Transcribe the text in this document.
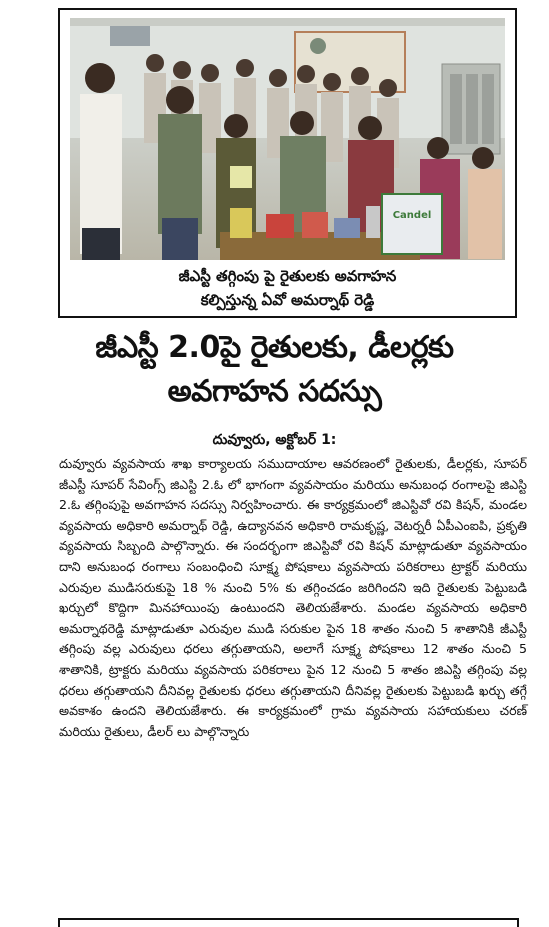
Candel
జీఎస్టీ తగ్గింపు పై రైతులకు అవగాహన
కల్పిస్తున్న ఏవో అమర్నాథ్ రెడ్డి
జీఎస్టీ 2.0పై రైతులకు, డీలర్లకు
అవగాహన సదస్సు
దువ్వూరు, అక్టోబర్ 1:

దువ్వూరు వ్యవసాయ శాఖ కార్యాలయ సముదాయాల ఆవరణంలో రైతులకు, డీలర్లకు, సూపర్ జీఎస్టీ సూపర్ సేవింగ్స్ జిఎస్టి 2.ఓ లో భాగంగా వ్యవసాయం మరియు అనుబంధ రంగాలపై జిఎస్టి 2.ఓ తగ్గింపుపై అవగాహన సదస్సు నిర్వహించారు. ఈ కార్యక్రమంలో జిఎస్టివో రవి కిషన్, మండల వ్యవసాయ అధికారి అమర్నాథ్ రెడ్డి, ఉద్యానవన అధికారి రామకృష్ణ, వెటర్నరీ ఏపీఎంఐపి, ప్రకృతి వ్యవసాయ సిబ్బంది పాల్గొన్నారు. ఈ సందర్భంగా జిఎస్టివో రవి కిషన్ మాట్లాడుతూ వ్యవసాయం దాని అనుబంధ రంగాలు సంబంధించి సూక్ష్మ పోషకాలు వ్యవసాయ పరికరాలు ట్రాక్టర్ మరియు ఎరువుల ముడిసరుకుపై 18 % నుంచి 5% కు తగ్గించడం జరిగిందని ఇది రైతులకు పెట్టుబడి ఖర్చులో కొద్దిగా మినహాయింపు ఉంటుందని తెలియజేశారు. మండల వ్యవసాయ అధికారి అమర్నాథరెడ్డి మాట్లాడుతూ ఎరువుల ముడి సరుకుల పైన 18 శాతం నుంచి 5 శాతానికి జీఎస్టీ తగ్గింపు వల్ల ఎరువులు ధరలు తగ్గుతాయని, అలాగే సూక్ష్మ పోషకాలు 12 శాతం నుంచి 5 శాతానికి, ట్రాక్టరు మరియు వ్యవసాయ పరికరాలు పైన 12 నుంచి 5 శాతం జిఎస్టి తగ్గింపు వల్ల ధరలు తగ్గుతాయని దీనివల్ల రైతులకు ధరలు తగ్గుతాయని దీనివల్ల రైతులకు పెట్టుబడి ఖర్చు తగ్గే అవకాశం ఉందని తెలియజేశారు. ఈ కార్యక్రమంలో గ్రామ వ్యవసాయ సహాయకులు చరణ్ మరియు రైతులు, డీలర్ లు పాల్గొన్నారు
